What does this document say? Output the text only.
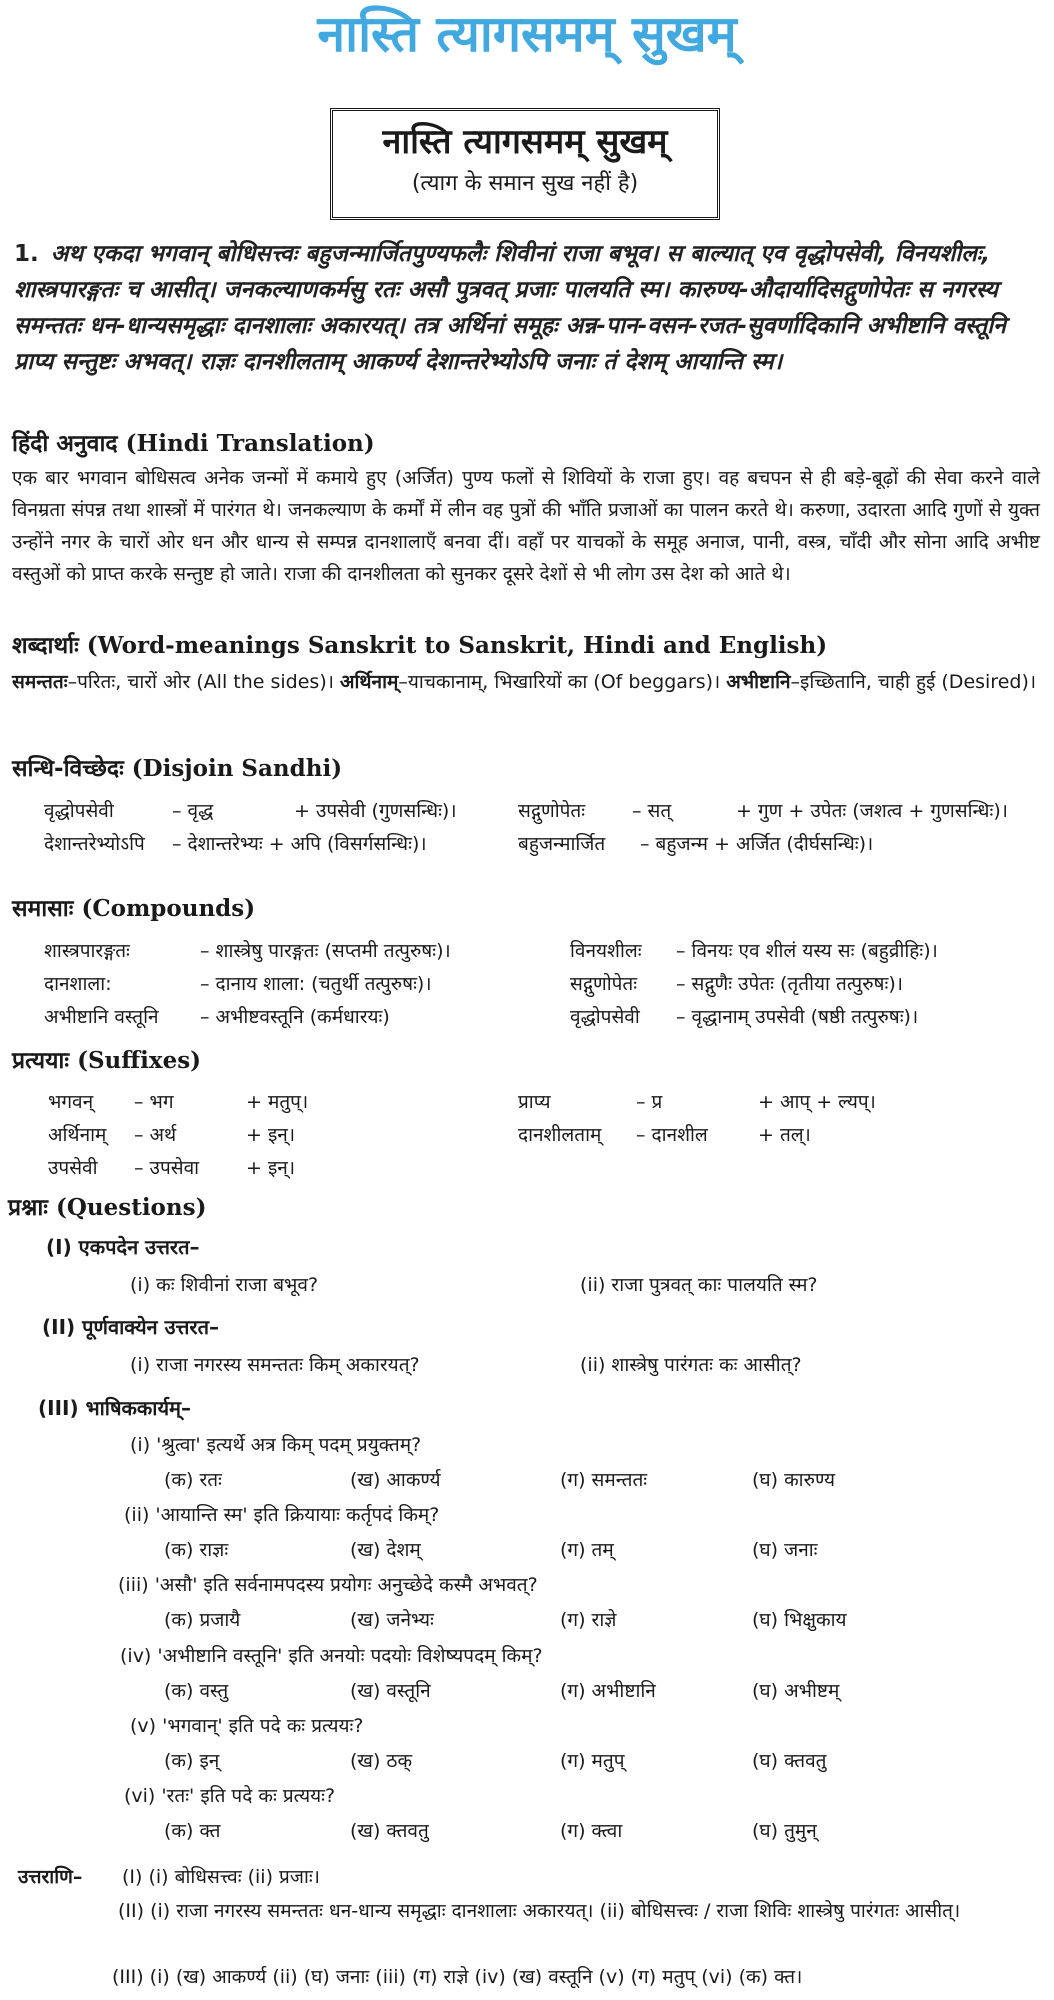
नास्ति त्यागसमम् सुखम्
नास्ति त्यागसमम् सुखम्
(त्याग के समान सुख नहीं है)
1. अथ एकदा भगवान् बोधिसत्त्वः बहुजन्मार्जितपुण्यफलैः शिवीनां राजा बभूव। स बाल्यात् एव वृद्धोपसेवी, विनयशीलः, शास्त्रपारङ्गतः च आसीत्। जनकल्याणकर्मसु रतः असौ पुत्रवत् प्रजाः पालयति स्म। कारुण्य-औदार्यादिसद्गुणोपेतः स नगरस्य समन्ततः धन-धान्यसमृद्धाः दानशालाः अकारयत्। तत्र अर्थिनां समूहः अन्न-पान-वसन-रजत-सुवर्णादिकानि अभीष्टानि वस्तूनि प्राप्य सन्तुष्टः अभवत्। राज्ञः दानशीलताम् आकर्ण्य देशान्तरेभ्योऽपि जनाः तं देशम् आयान्ति स्म।
हिंदी अनुवाद (Hindi Translation)
एक बार भगवान बोधिसत्व अनेक जन्मों में कमाये हुए (अर्जित) पुण्य फलों से शिवियों के राजा हुए। वह बचपन से ही बड़े-बूढ़ों की सेवा करने वाले विनम्रता संपन्न तथा शास्त्रों में पारंगत थे। जनकल्याण के कर्मों में लीन वह पुत्रों की भाँति प्रजाओं का पालन करते थे। करुणा, उदारता आदि गुणों से युक्त उन्होंने नगर के चारों ओर धन और धान्य से सम्पन्न दानशालाएँ बनवा दीं। वहाँ पर याचकों के समूह अनाज, पानी, वस्त्र, चाँदी और सोना आदि अभीष्ट वस्तुओं को प्राप्त करके सन्तुष्ट हो जाते। राजा की दानशीलता को सुनकर दूसरे देशों से भी लोग उस देश को आते थे।
शब्दार्थाः (Word-meanings Sanskrit to Sanskrit, Hindi and English)
समन्ततः–परितः, चारों ओर (All the sides)। अर्थिनाम्–याचकानाम्, भिखारियों का (Of beggars)। अभीष्टानि–इच्छितानि, चाही हुई (Desired)।
सन्धि-विच्छेदः (Disjoin Sandhi)
वृद्धोपसेवी	– वृद्ध	+ उपसेवी (गुणसन्धिः)।	सद्गुणोपेतः – सत्	+ गुण + उपेतः (जशत्व + गुणसन्धिः)।
देशान्तरेभ्योऽपि – देशान्तरेभ्यः + अपि (विसर्गसन्धिः)।	बहुजन्मार्जित – बहुजन्म + अर्जित (दीर्घसन्धिः)।
समासाः (Compounds)
शास्त्रपारङ्गतः	– शास्त्रेषु पारङ्गतः (सप्तमी तत्पुरुषः)।	विनयशीलः – विनयः एव शीलं यस्य सः (बहुव्रीहिः)।
दानशाला:	– दानाय शाला: (चतुर्थी तत्पुरुषः)।	सद्गुणोपेतः – सद्गुणैः उपेतः (तृतीया तत्पुरुषः)।
अभीष्टानि वस्तूनि – अभीष्टवस्तूनि (कर्मधारयः)	वृद्धोपसेवी – वृद्धानाम् उपसेवी (षष्ठी तत्पुरुषः)।
प्रत्ययाः (Suffixes)
भगवन् – भग	+ मतुप्।	प्राप्य	– प्र	+ आप् + ल्यप्।
अर्थिनाम् – अर्थ	+ इन्।	दानशीलताम् – दानशील	+ तल्।
उपसेवी – उपसेवा + इन्।
प्रश्नाः (Questions)
(I) एकपदेन उत्तरत–
(i) कः शिवीनां राजा बभूव?	(ii) राजा पुत्रवत् काः पालयति स्म?
(II) पूर्णवाक्येन उत्तरत–
(i) राजा नगरस्य समन्ततः किम् अकारयत्?	(ii) शास्त्रेषु पारंगतः कः आसीत्?
(III) भाषिककार्यम्–
(i) 'श्रुत्वा' इत्यर्थे अत्र किम् पदम् प्रयुक्तम्?
(क) रतः	(ख) आकर्ण्य	(ग) समन्ततः	(घ) कारुण्य
(ii) 'आयान्ति स्म' इति क्रियायाः कर्तृपदं किम्?
(क) राज्ञः	(ख) देशम्	(ग) तम्	(घ) जनाः
(iii) 'असौ' इति सर्वनामपदस्य प्रयोगः अनुच्छेदे कस्मै अभवत्?
(क) प्रजायै	(ख) जनेभ्यः	(ग) राज्ञे	(घ) भिक्षुकाय
(iv) 'अभीष्टानि वस्तूनि' इति अनयोः पदयोः विशेष्यपदम् किम्?
(क) वस्तु	(ख) वस्तूनि	(ग) अभीष्टानि	(घ) अभीष्टम्
(v) 'भगवान्' इति पदे कः प्रत्ययः?
(क) इन्	(ख) ठक्	(ग) मतुप्	(घ) क्तवतु
(vi) 'रतः' इति पदे कः प्रत्ययः?
(क) क्त	(ख) क्तवतु	(ग) क्त्वा	(घ) तुमुन्
उत्तराणि– (I) (i) बोधिसत्त्वः (ii) प्रजाः।
(II) (i) राजा नगरस्य समन्ततः धन-धान्य समृद्धाः दानशालाः अकारयत्। (ii) बोधिसत्त्वः / राजा शिविः शास्त्रेषु पारंगतः आसीत्।
(III) (i) (ख) आकर्ण्य (ii) (घ) जनाः (iii) (ग) राज्ञे (iv) (ख) वस्तूनि (v) (ग) मतुप् (vi) (क) क्त।
